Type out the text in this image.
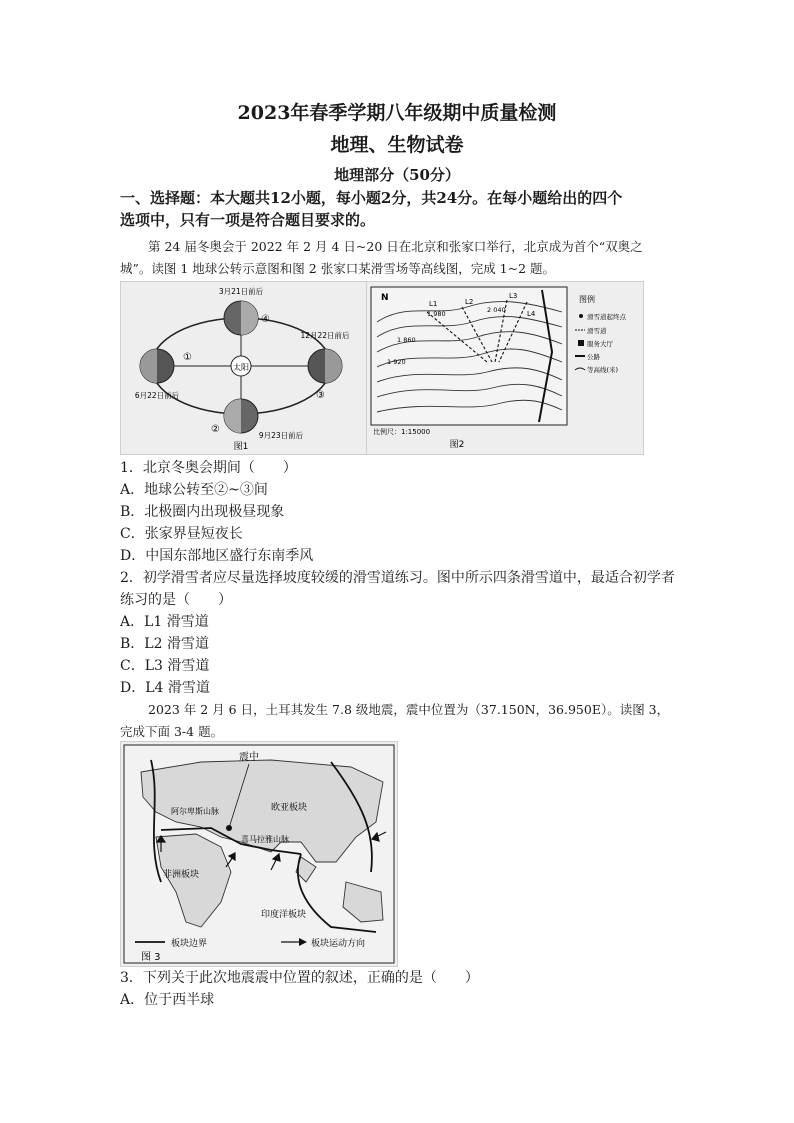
2023年春季学期八年级期中质量检测
地理、生物试卷
地理部分（50分）
一、选择题：本大题共12小题，每小题2分，共24分。在每小题给出的四个
选项中，只有一项是符合题目要求的。
第 24 届冬奥会于 2022 年 2 月 4 日~20 日在北京和张家口举行，北京成为首个“双奥之
城”。读图 1 地球公转示意图和图 2 张家口某滑雪场等高线图，完成 1~2 题。
太阳
3月21日前后
12月22日前后
6月22日前后
9月23日前后
①
②
③
④
图1
N
L1	L2
L3
L4
1 860
1 920
1 980	2 040
比例尺：1:15000
图例
滑雪道起终点
滑雪道
服务大厅
公路
等高线(米)
图2
1．北京冬奥会期间（　　）
A．地球公转至②~③间
B．北极圈内出现极昼现象
C．张家界昼短夜长
D．中国东部地区盛行东南季风
2．初学滑雪者应尽量选择坡度较缓的滑雪道练习。图中所示四条滑雪道中，最适合初学者
练习的是（　　）
A．L1 滑雪道
B．L2 滑雪道
C．L3 滑雪道
D．L4 滑雪道
2023 年 2 月 6 日，土耳其发生 7.8 级地震，震中位置为（37.150N，36.950E）。读图 3，
完成下面 3-4 题。
震中
阿尔卑斯山脉	欧亚板块
喜马拉雅山脉
非洲板块
印度洋板块
板块边界	板块运动方向
图 3
3．下列关于此次地震震中位置的叙述，正确的是（　　）
A．位于西半球
